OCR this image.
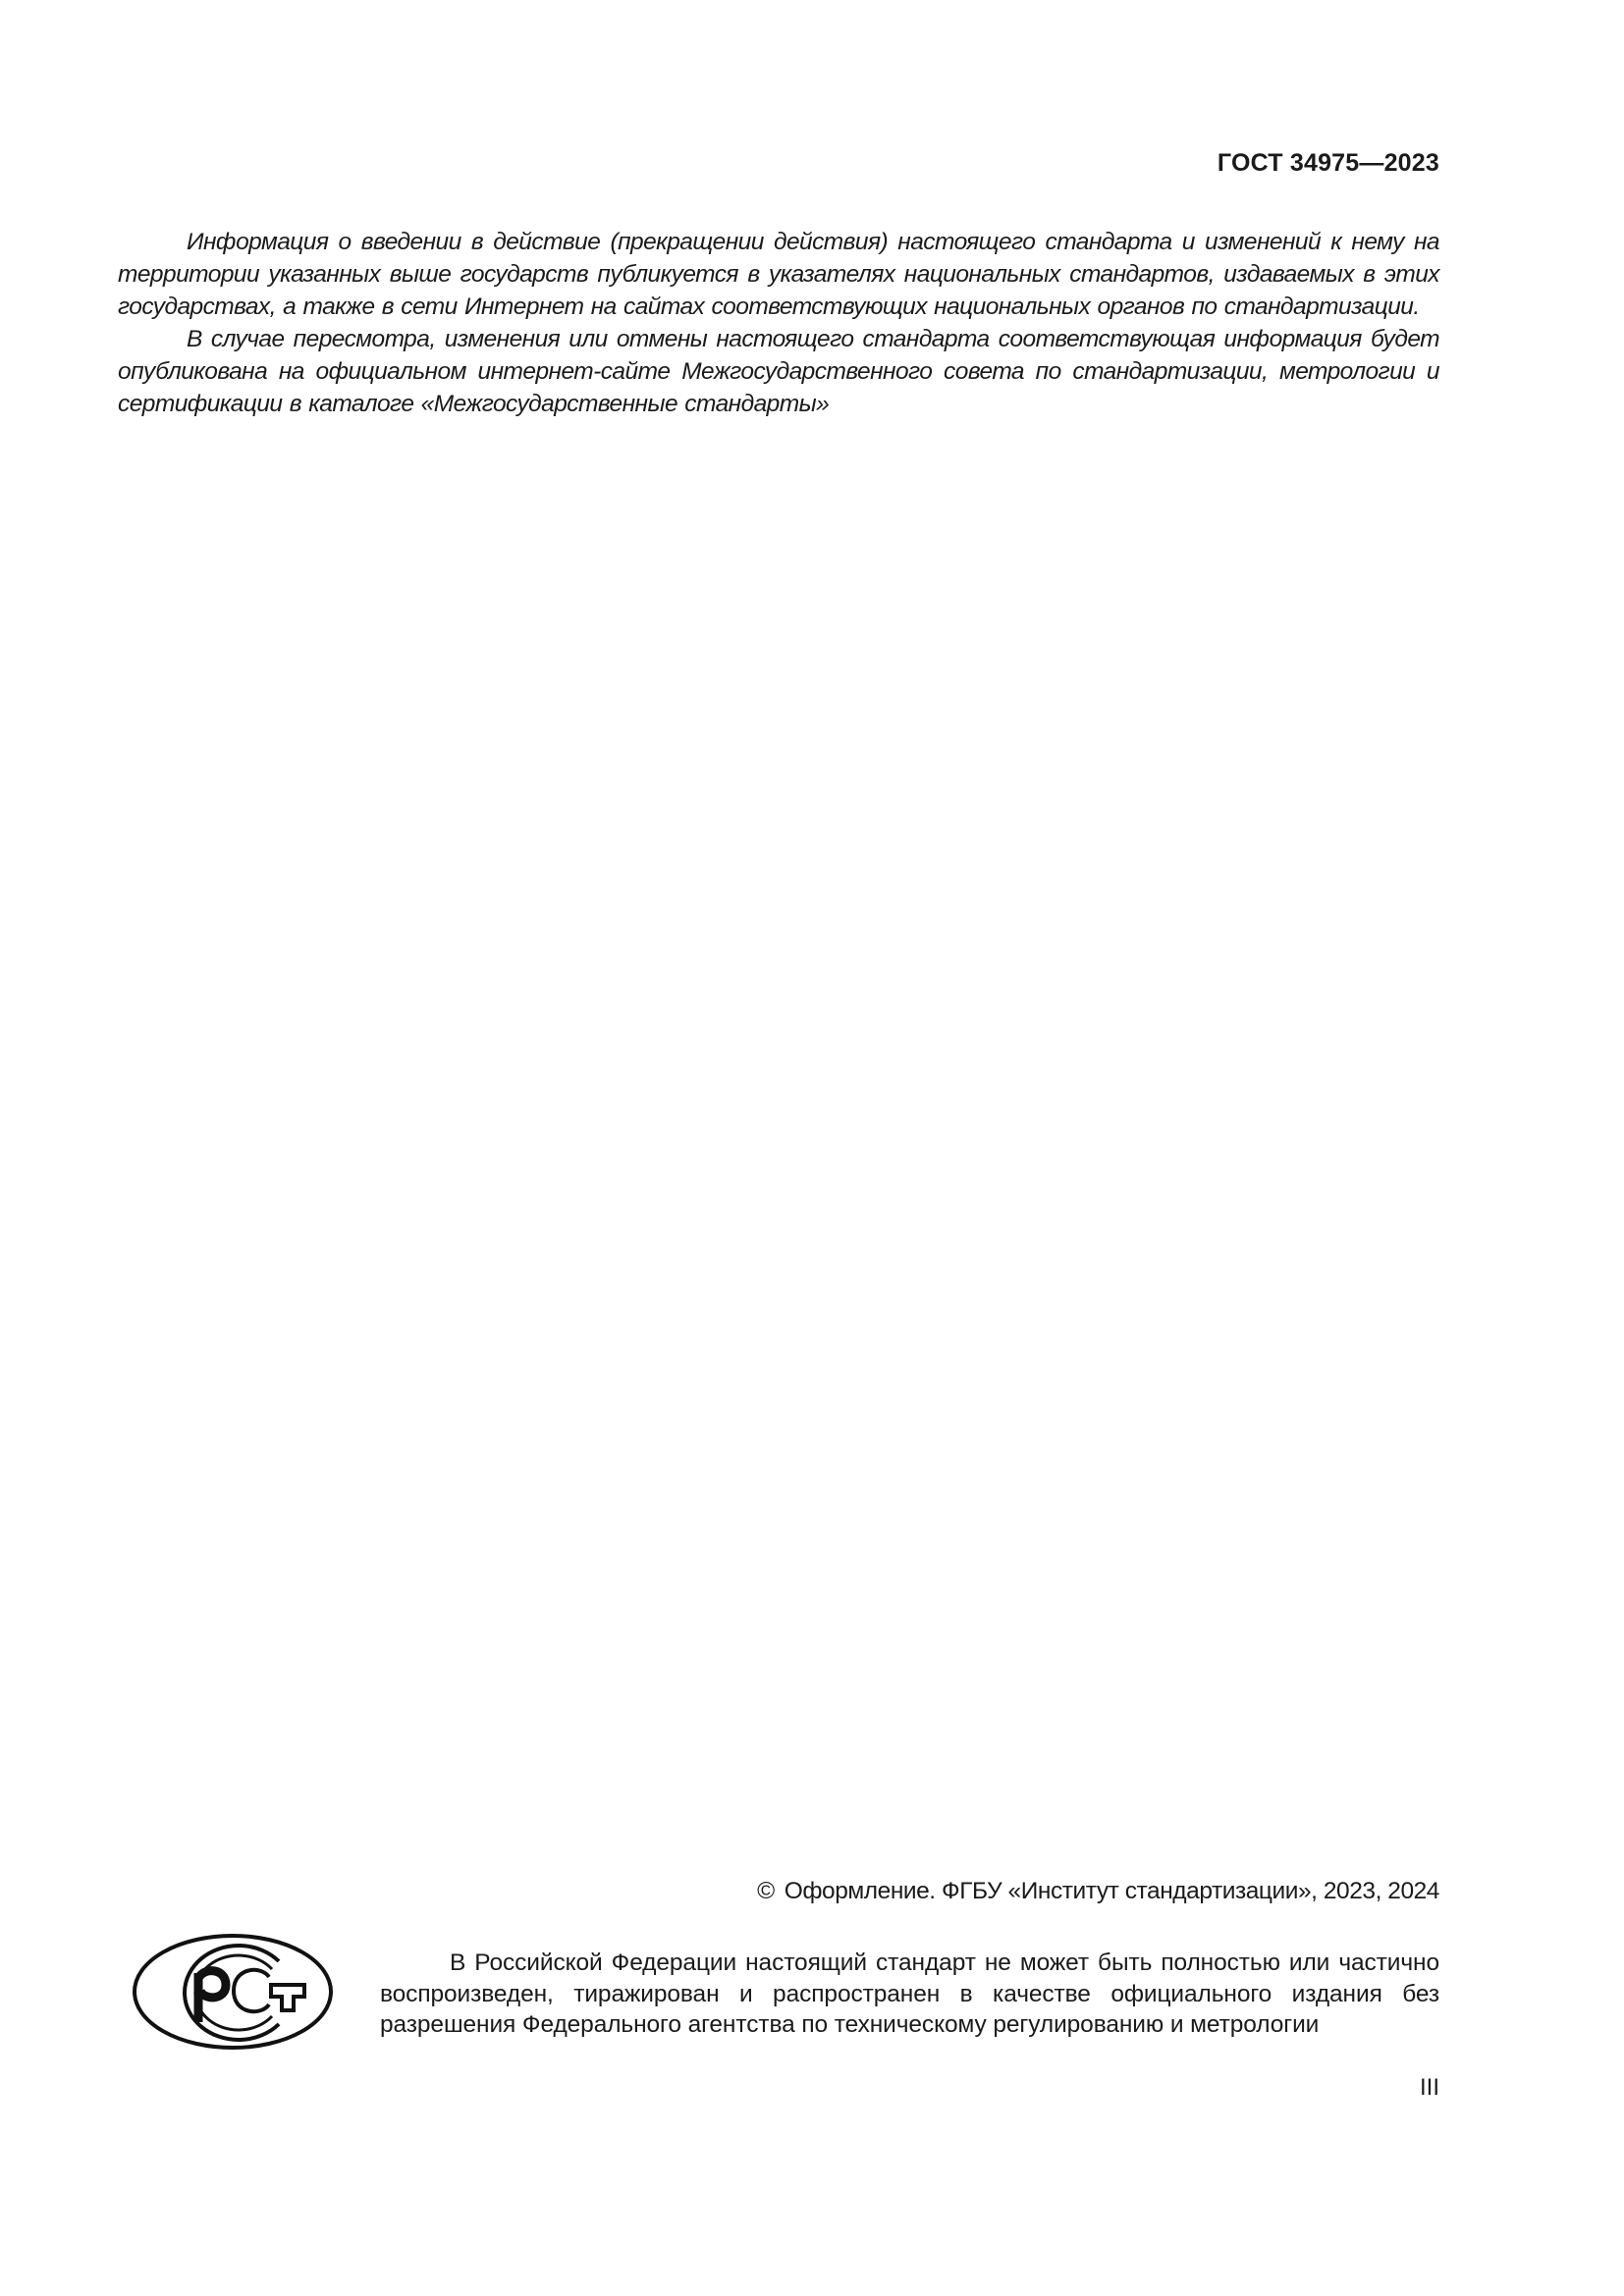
ГОСТ 34975—2023

Информация о введении в действие (прекращении действия) настоящего стандарта и изменений к нему на территории указанных выше государств публикуется в указателях национальных стандартов, издаваемых в этих государствах, а также в сети Интернет на сайтах соответствующих национальных органов по стандартизации.

В случае пересмотра, изменения или отмены настоящего стандарта соответствующая информация будет опубликована на официальном интернет-сайте Межгосударственного совета по стандартизации, метрологии и сертификации в каталоге «Межгосударственные стандарты»

© Оформление. ФГБУ «Институт стандартизации», 2023, 2024

В Российской Федерации настоящий стандарт не может быть полностью или частично воспроизведен, тиражирован и распространен в качестве официального издания без разрешения Федерального агентства по техническому регулированию и метрологии

III
